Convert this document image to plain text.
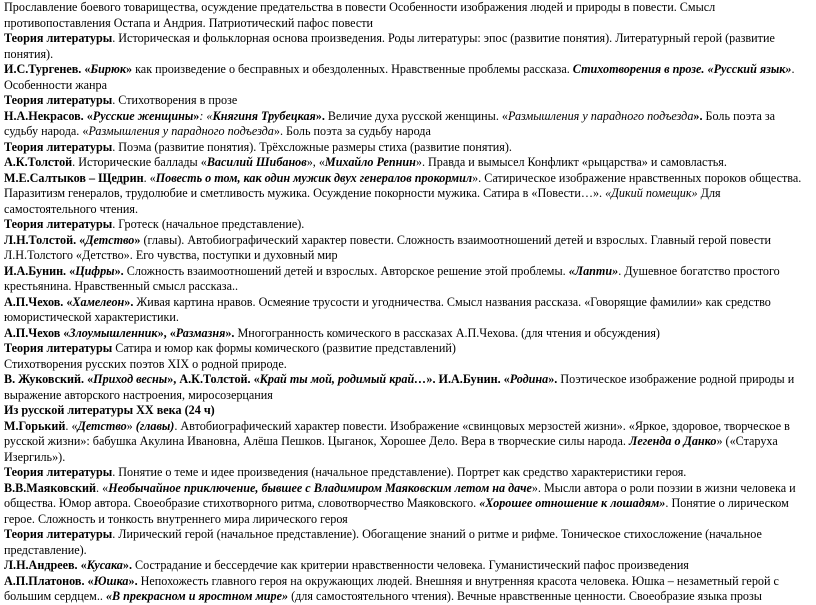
Прославление боевого товарищества, осуждение предательства в повести Особенности изображения людей и природы в повести. Смысл противопоставления Остапа и Андрия. Патриотический пафос повести

Теория литературы. Историческая и фольклорная основа произведения. Роды литературы: эпос (развитие понятия). Литературный герой (развитие понятия).

И.С.Тургенев. «Бирюк» как произведение о бесправных и обездоленных. Нравственные проблемы рассказа. Стихотворения в прозе. «Русский язык». Особенности жанра

Теория литературы. Стихотворения в прозе

Н.А.Некрасов. «Русские женщины»: «Княгиня Трубецкая». Величие духа русской женщины. «Размышления у парадного подъезда». Боль поэта за судьбу народа. «Размышления у парадного подъезда». Боль поэта за судьбу народа

Теория литературы. Поэма (развитие понятия). Трёхсложные размеры стиха (развитие понятия).

А.К.Толстой. Исторические баллады «Василий Шибанов», «Михайло Репнин». Правда и вымысел Конфликт «рыцарства» и самовластья.

М.Е.Салтыков – Щедрин. «Повесть о том, как один мужик двух генералов прокормил». Сатирическое изображение нравственных пороков общества. Паразитизм генералов, трудолюбие и сметливость мужика. Осуждение покорности мужика. Сатира в «Повести…». «Дикий помещик» Для самостоятельного чтения.

Теория литературы. Гротеск (начальное представление).

Л.Н.Толстой. «Детство» (главы). Автобиографический характер повести. Сложность взаимоотношений детей и взрослых. Главный герой повести Л.Н.Толстого «Детство». Его чувства, поступки и духовный мир

И.А.Бунин. «Цифры». Сложность взаимоотношений детей и взрослых. Авторское решение этой проблемы. «Лапти». Душевное богатство простого крестьянина. Нравственный смысл рассказа..

А.П.Чехов. «Хамелеон». Живая картина нравов. Осмеяние трусости и угодничества. Смысл названия рассказа. «Говорящие фамилии» как средство юмористической характеристики.

А.П.Чехов «Злоумышленник», «Размазня». Многогранность комического в рассказах А.П.Чехова. (для чтения и обсуждения)

Теория литературы Сатира и юмор как формы комического (развитие представлений)

Стихотворения русских поэтов XIX о родной природе.

В. Жуковский. «Приход весны», А.К.Толстой. «Край ты мой, родимый край…». И.А.Бунин. «Родина». Поэтическое изображение родной природы и выражение авторского настроения, миросозерцания

Из русской литературы XX века (24 ч)

М.Горький. «Детство» (главы). Автобиографический характер повести. Изображение «свинцовых мерзостей жизни». «Яркое, здоровое, творческое в русской жизни»: бабушка Акулина Ивановна, Алёша Пешков. Цыганок, Хорошее Дело. Вера в творческие силы народа. Легенда о Данко» («Старуха Изергиль»).

Теория литературы. Понятие о теме и идее произведения (начальное представление). Портрет как средство характеристики героя.

В.В.Маяковский. «Необычайное приключение, бывшее с Владимиром Маяковским летом на даче». Мысли автора о роли поэзии в жизни человека и общества. Юмор автора. Своеобразие стихотворного ритма, словотворчество Маяковского. «Хорошее отношение к лошадям». Понятие о лирическом герое. Сложность и тонкость внутреннего мира лирического героя

Теория литературы. Лирический герой (начальное представление). Обогащение знаний о ритме и рифме. Тоническое стихосложение (начальное представление).

Л.Н.Андреев. «Кусака». Сострадание и бессердечие как критерии нравственности человека. Гуманистический пафос произведения

А.П.Платонов. «Юшка». Непохожесть главного героя на окружающих людей. Внешняя и внутренняя красота человека. Юшка – незаметный герой с большим сердцем.. «В прекрасном и яростном мире» (для самостоятельного чтения). Вечные нравственные ценности. Своеобразие языка прозы
